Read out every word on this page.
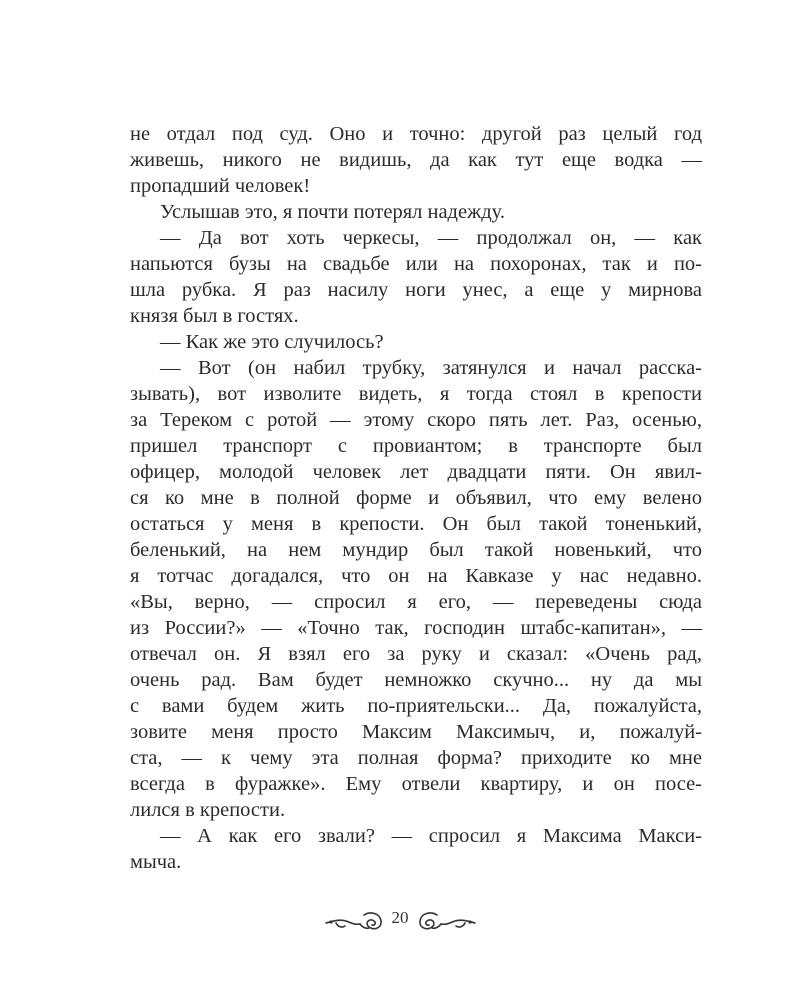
не отдал под суд. Оно и точно: другой раз целый год
живешь, никого не видишь, да как тут еще водка —
пропадший человек!
Услышав это, я почти потерял надежду.
— Да вот хоть черкесы, — продолжал он, — как
напьются бузы на свадьбе или на похоронах, так и по-
шла рубка. Я раз насилу ноги унес, а еще у мирнова
князя был в гостях.
— Как же это случилось?
— Вот (он набил трубку, затянулся и начал расска-
зывать), вот изволите видеть, я тогда стоял в крепости
за Тереком с ротой — этому скоро пять лет. Раз, осенью,
пришел транспорт с провиантом; в транспорте был
офицер, молодой человек лет двадцати пяти. Он явил-
ся ко мне в полной форме и объявил, что ему велено
остаться у меня в крепости. Он был такой тоненький,
беленький, на нем мундир был такой новенький, что
я тотчас догадался, что он на Кавказе у нас недавно.
«Вы, верно, — спросил я его, — переведены сюда
из России?» — «Точно так, господин штабс-капитан», —
отвечал он. Я взял его за руку и сказал: «Очень рад,
очень рад. Вам будет немножко скучно... ну да мы
с вами будем жить по-приятельски... Да, пожалуйста,
зовите меня просто Максим Максимыч, и, пожалуй-
ста, — к чему эта полная форма? приходите ко мне
всегда в фуражке». Ему отвели квартиру, и он посе-
лился в крепости.
— А как его звали? — спросил я Максима Макси-
мыча.
20
